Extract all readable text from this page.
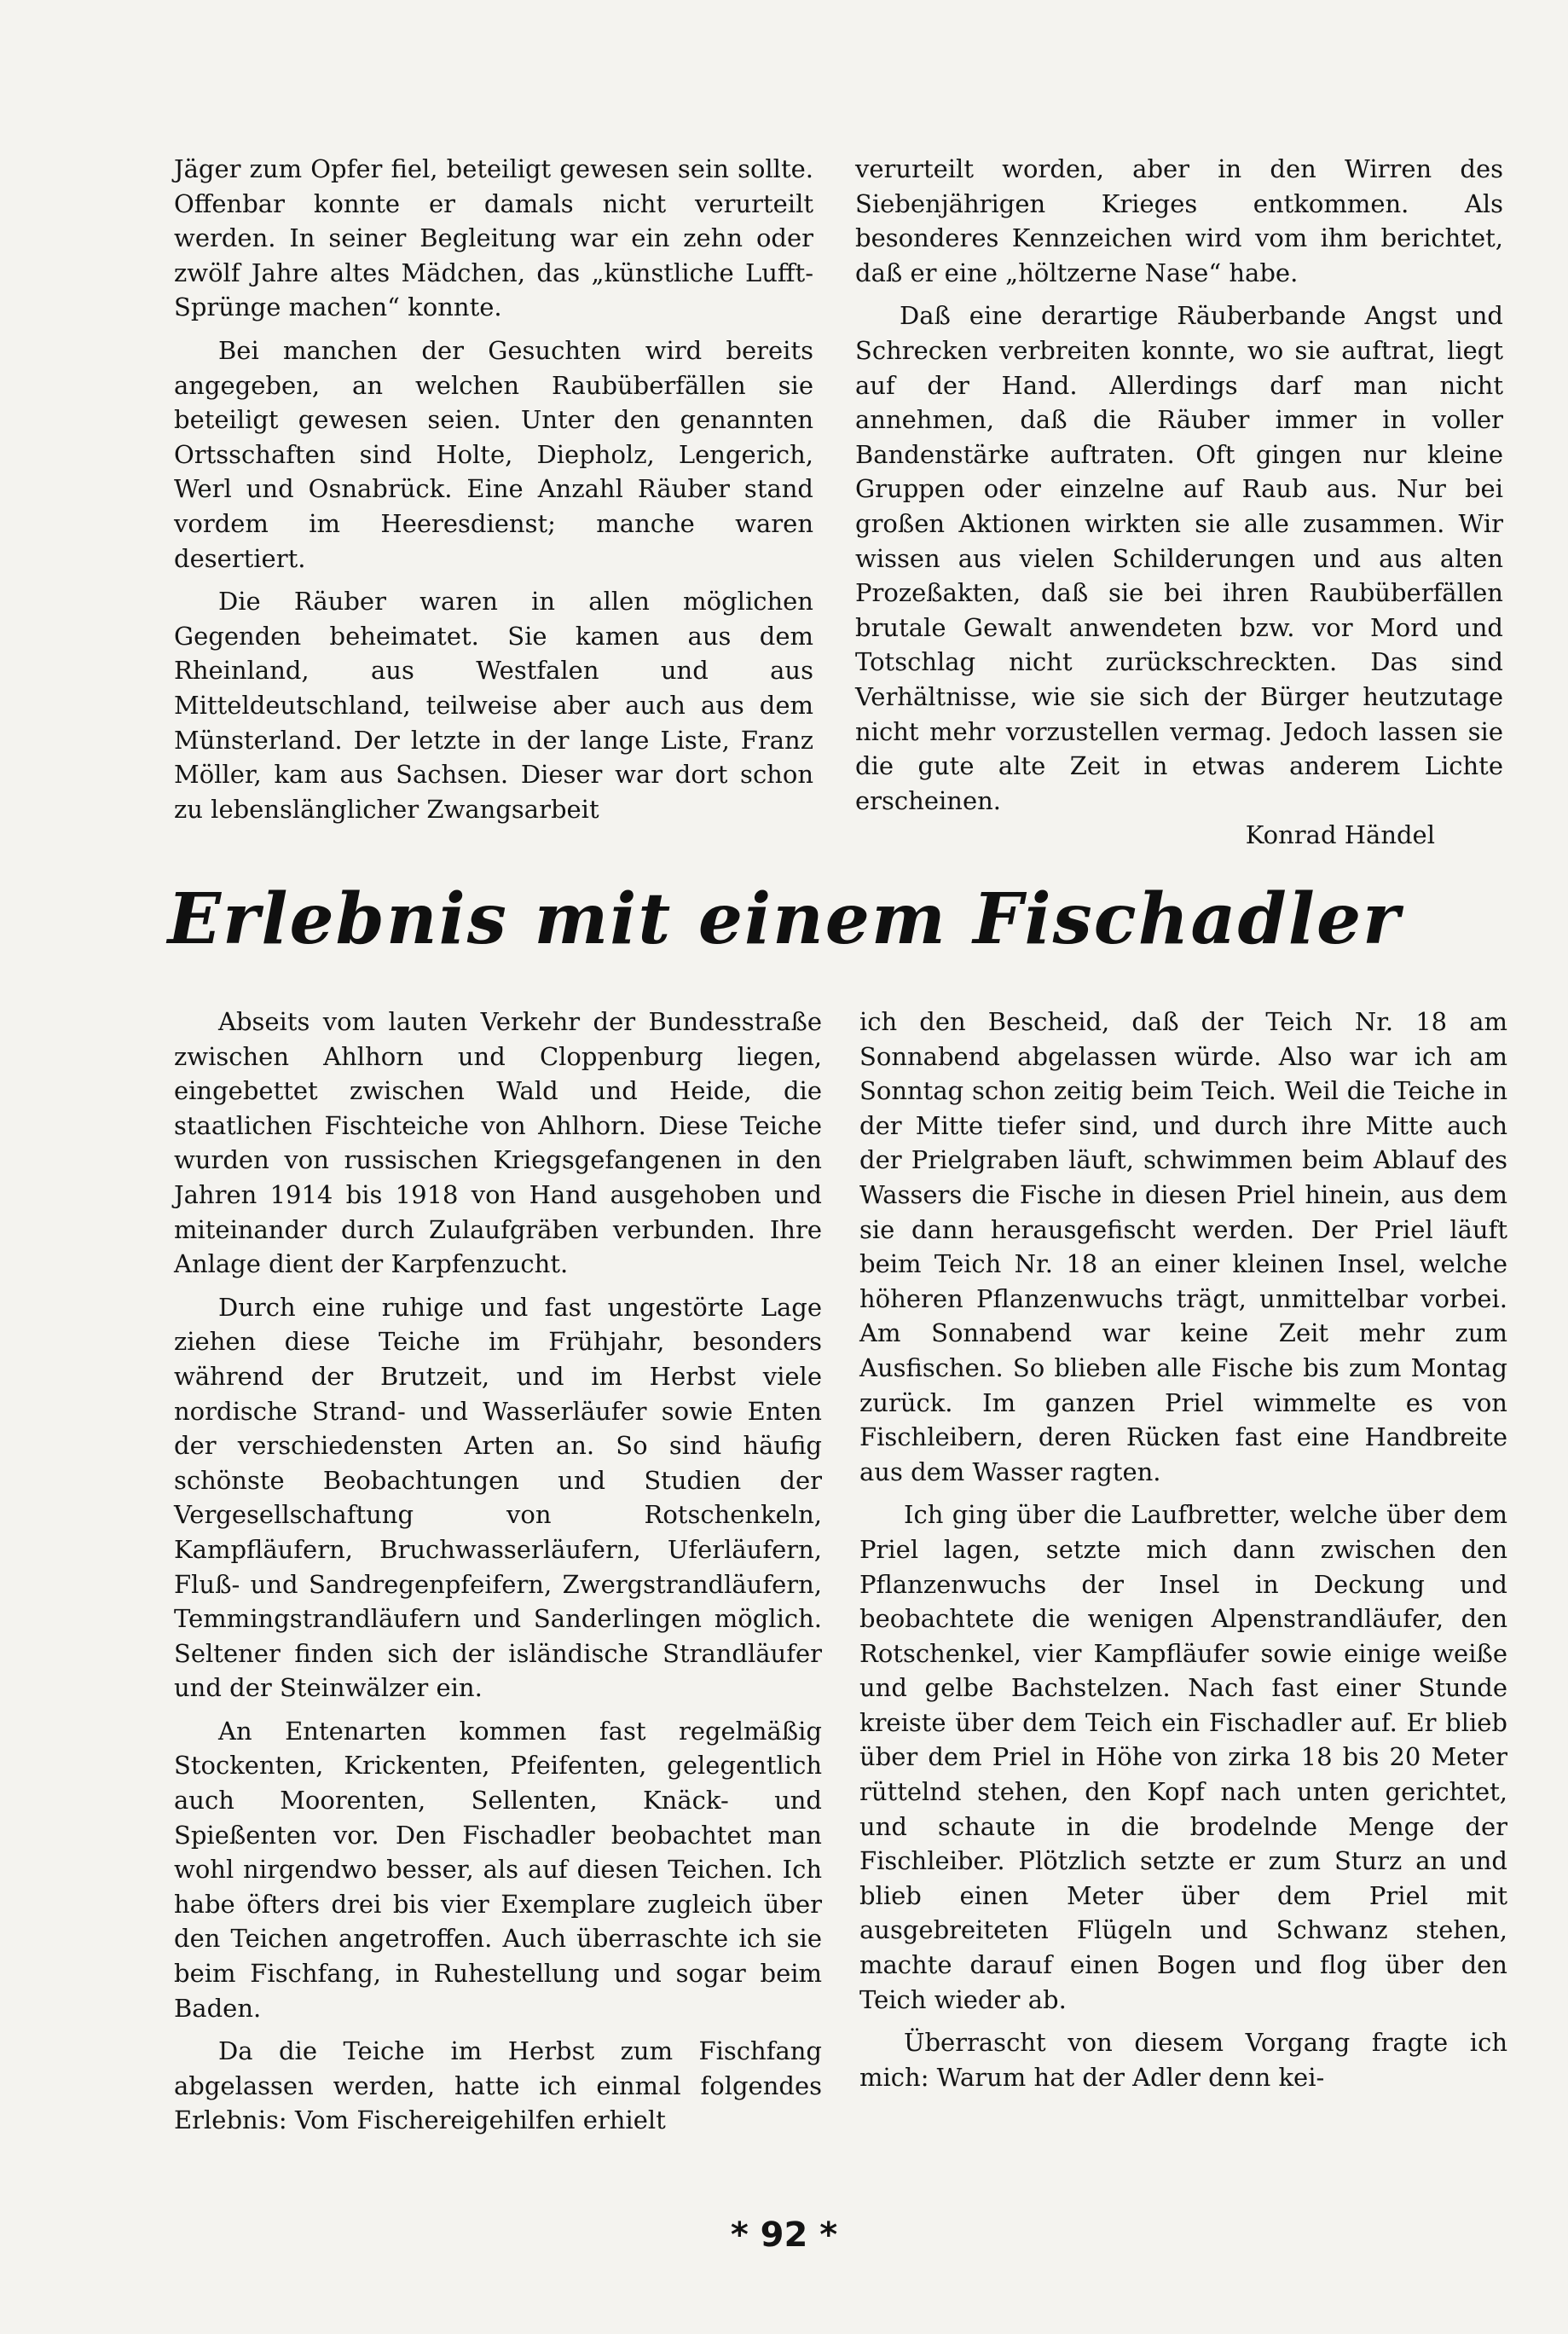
Jäger zum Opfer fiel, beteiligt gewesen sein sollte. Offenbar konnte er damals nicht verurteilt werden. In seiner Begleitung war ein zehn oder zwölf Jahre altes Mädchen, das „künstliche Lufft-Sprünge machen“ konnte.

Bei manchen der Gesuchten wird bereits angegeben, an welchen Raubüberfällen sie beteiligt gewesen seien. Unter den genannten Ortsschaften sind Holte, Diepholz, Lengerich, Werl und Osnabrück. Eine Anzahl Räuber stand vordem im Heeresdienst; manche waren desertiert.

Die Räuber waren in allen möglichen Gegenden beheimatet. Sie kamen aus dem Rheinland, aus Westfalen und aus Mitteldeutschland, teilweise aber auch aus dem Münsterland. Der letzte in der lange Liste, Franz Möller, kam aus Sachsen. Dieser war dort schon zu lebenslänglicher Zwangsarbeit

verurteilt worden, aber in den Wirren des Siebenjährigen Krieges entkommen. Als besonderes Kennzeichen wird vom ihm berichtet, daß er eine „höltzerne Nase“ habe.

Daß eine derartige Räuberbande Angst und Schrecken verbreiten konnte, wo sie auftrat, liegt auf der Hand. Allerdings darf man nicht annehmen, daß die Räuber immer in voller Bandenstärke auftraten. Oft gingen nur kleine Gruppen oder einzelne auf Raub aus. Nur bei großen Aktionen wirkten sie alle zusammen. Wir wissen aus vielen Schilderungen und aus alten Prozeßakten, daß sie bei ihren Raubüberfällen brutale Gewalt anwendeten bzw. vor Mord und Totschlag nicht zurückschreckten. Das sind Verhältnisse, wie sie sich der Bürger heutzutage nicht mehr vorzustellen vermag. Jedoch lassen sie die gute alte Zeit in etwas anderem Lichte erscheinen.

Konrad Händel
Erlebnis mit einem Fischadler

Abseits vom lauten Verkehr der Bundesstraße zwischen Ahlhorn und Cloppenburg liegen, eingebettet zwischen Wald und Heide, die staatlichen Fischteiche von Ahlhorn. Diese Teiche wurden von russischen Kriegsgefangenen in den Jahren 1914 bis 1918 von Hand ausgehoben und miteinander durch Zulaufgräben verbunden. Ihre Anlage dient der Karpfenzucht.

Durch eine ruhige und fast ungestörte Lage ziehen diese Teiche im Frühjahr, besonders während der Brutzeit, und im Herbst viele nordische Strand- und Wasserläufer sowie Enten der verschiedensten Arten an. So sind häufig schönste Beobachtungen und Studien der Vergesellschaftung von Rotschenkeln, Kampfläufern, Bruchwasserläufern, Uferläufern, Fluß- und Sandregenpfeifern, Zwergstrandläufern, Temmingstrandläufern und Sanderlingen möglich. Seltener finden sich der isländische Strandläufer und der Steinwälzer ein.

An Entenarten kommen fast regelmäßig Stockenten, Krickenten, Pfeifenten, gelegentlich auch Moorenten, Sellenten, Knäck- und Spießenten vor. Den Fischadler beobachtet man wohl nirgendwo besser, als auf diesen Teichen. Ich habe öfters drei bis vier Exemplare zugleich über den Teichen angetroffen. Auch überraschte ich sie beim Fischfang, in Ruhestellung und sogar beim Baden.

Da die Teiche im Herbst zum Fischfang abgelassen werden, hatte ich einmal folgendes Erlebnis: Vom Fischereigehilfen erhielt

ich den Bescheid, daß der Teich Nr. 18 am Sonnabend abgelassen würde. Also war ich am Sonntag schon zeitig beim Teich. Weil die Teiche in der Mitte tiefer sind, und durch ihre Mitte auch der Prielgraben läuft, schwimmen beim Ablauf des Wassers die Fische in diesen Priel hinein, aus dem sie dann herausgefischt werden. Der Priel läuft beim Teich Nr. 18 an einer kleinen Insel, welche höheren Pflanzenwuchs trägt, unmittelbar vorbei. Am Sonnabend war keine Zeit mehr zum Ausfischen. So blieben alle Fische bis zum Montag zurück. Im ganzen Priel wimmelte es von Fischleibern, deren Rücken fast eine Handbreite aus dem Wasser ragten.

Ich ging über die Laufbretter, welche über dem Priel lagen, setzte mich dann zwischen den Pflanzenwuchs der Insel in Deckung und beobachtete die wenigen Alpenstrandläufer, den Rotschenkel, vier Kampfläufer sowie einige weiße und gelbe Bachstelzen. Nach fast einer Stunde kreiste über dem Teich ein Fischadler auf. Er blieb über dem Priel in Höhe von zirka 18 bis 20 Meter rüttelnd stehen, den Kopf nach unten gerichtet, und schaute in die brodelnde Menge der Fischleiber. Plötzlich setzte er zum Sturz an und blieb einen Meter über dem Priel mit ausgebreiteten Flügeln und Schwanz stehen, machte darauf einen Bogen und flog über den Teich wieder ab.

Überrascht von diesem Vorgang fragte ich mich: Warum hat der Adler denn kei-

* 92 *
